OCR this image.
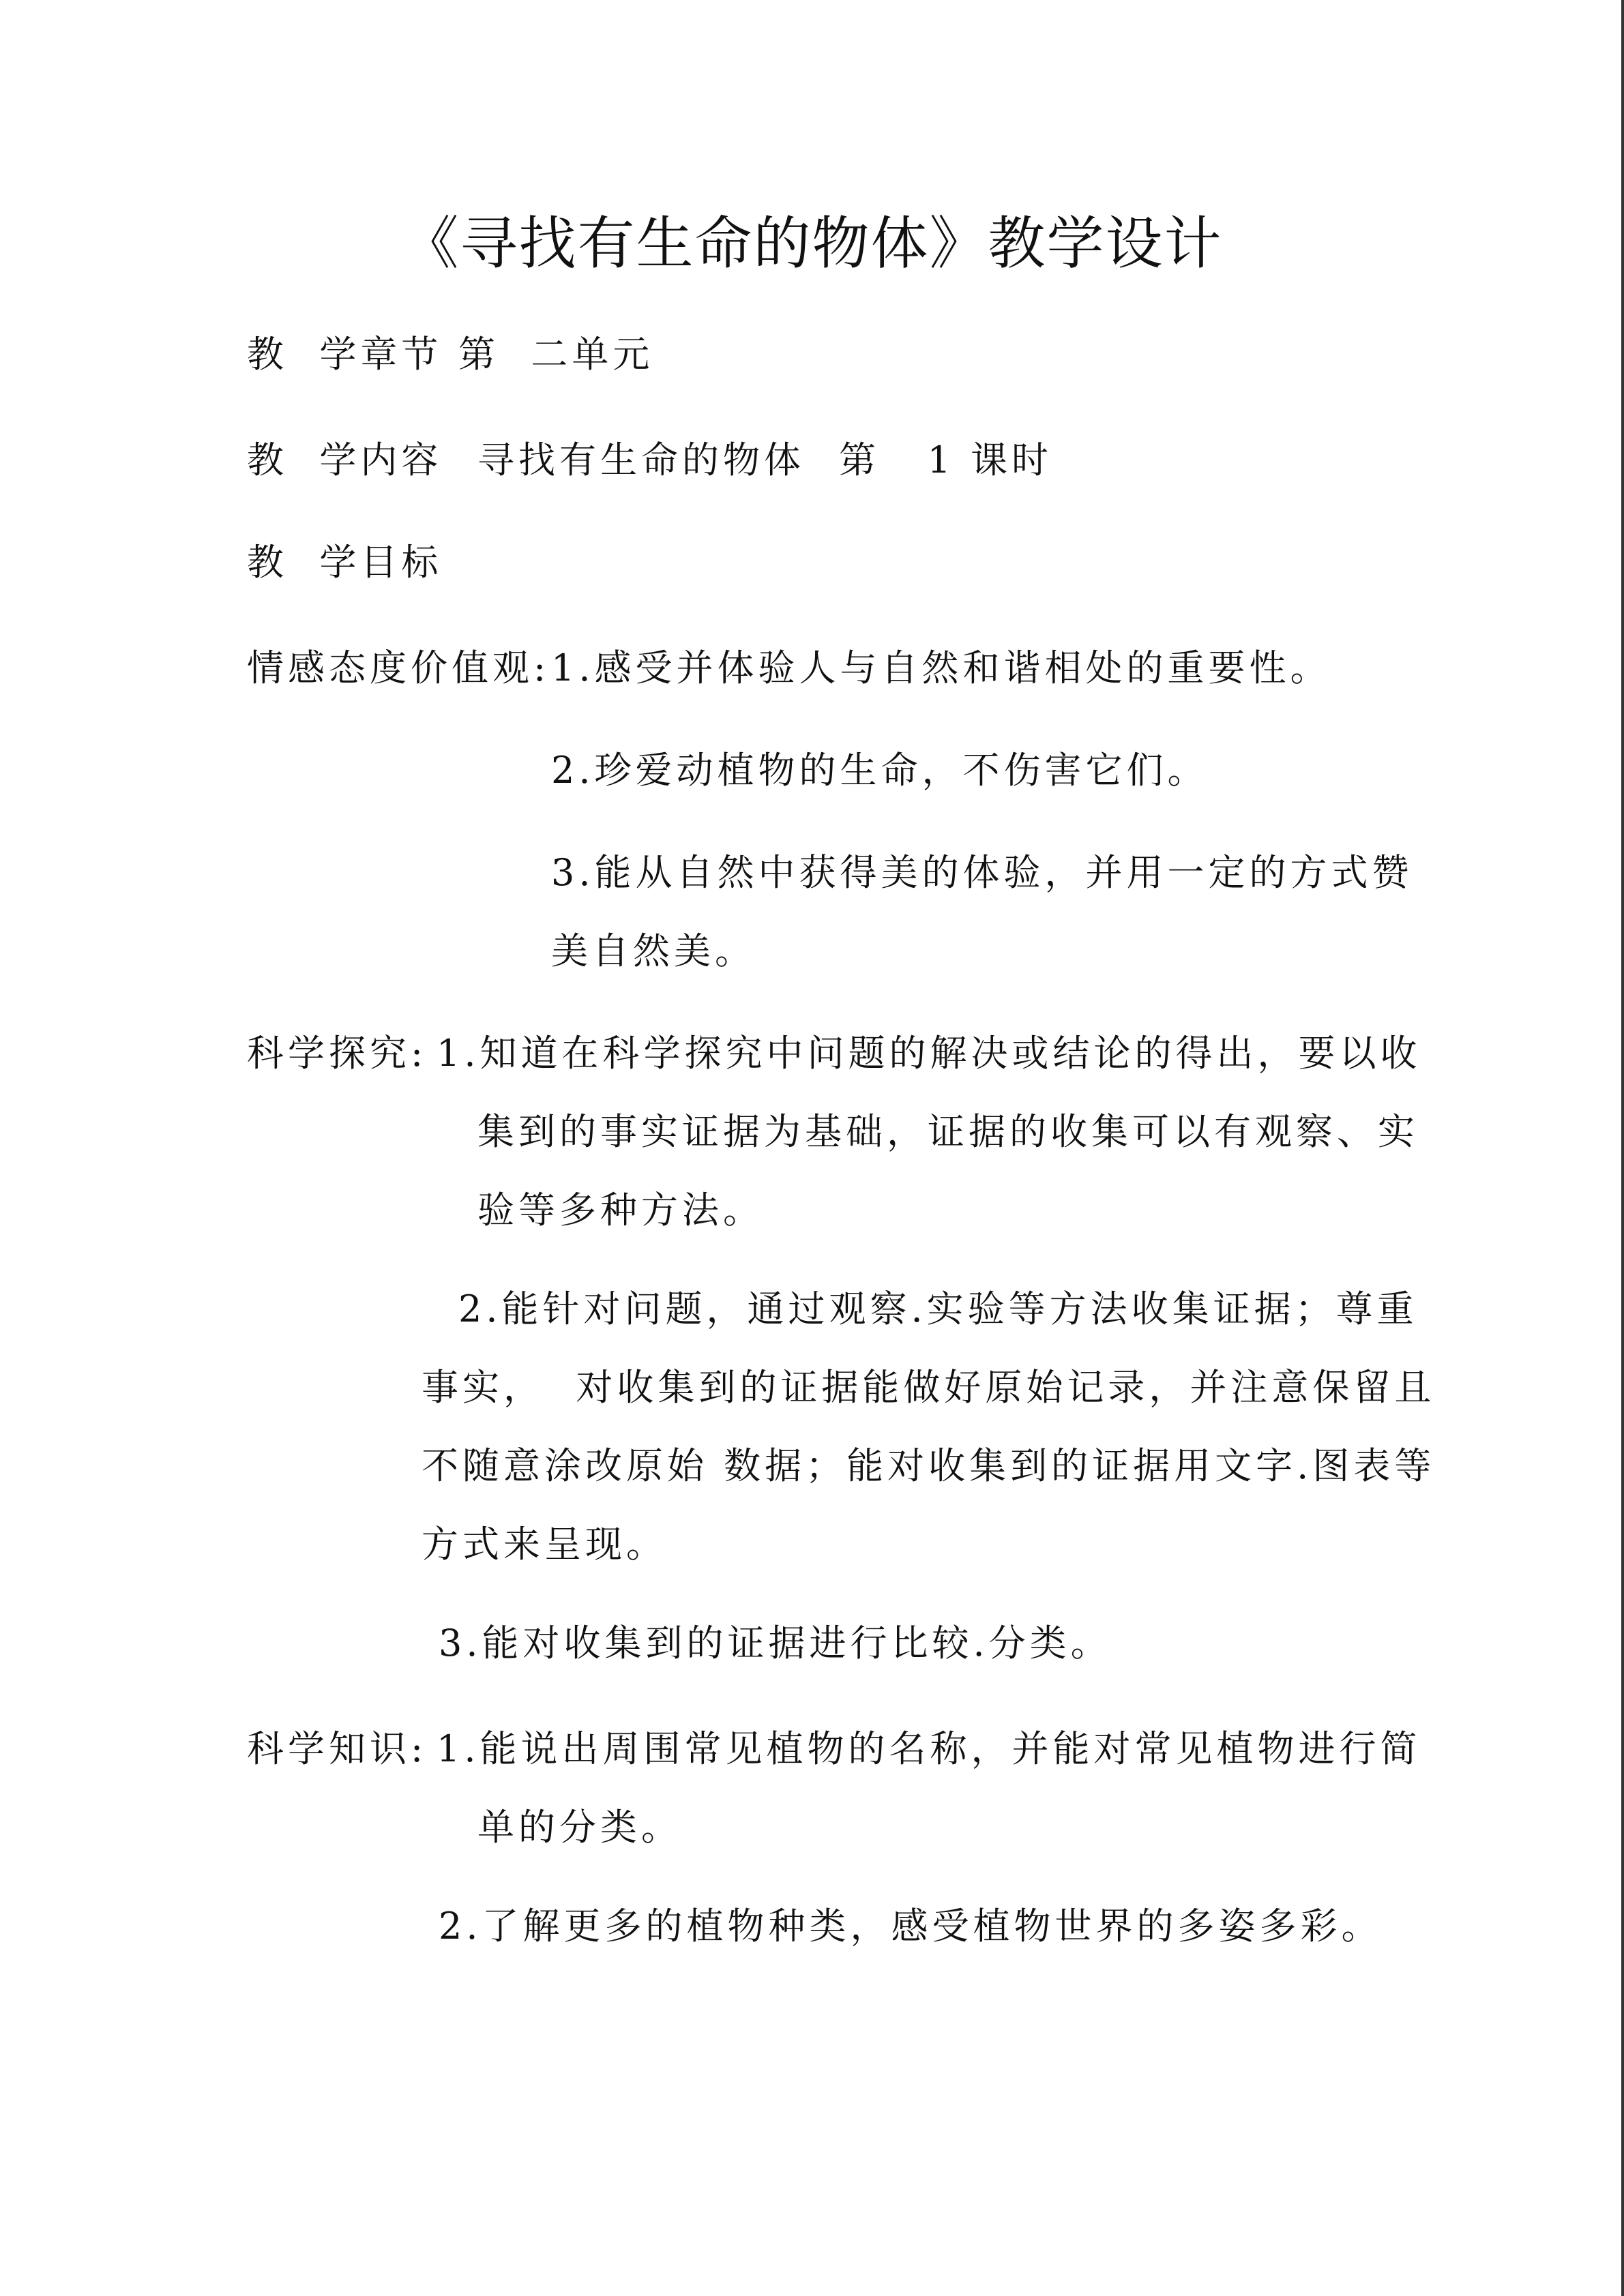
《寻找有生命的物体》教学设计
教  学章节 第  二单元
教  学内容 寻找有生命的物体 第   1 课时
教  学目标
情感态度价值观: 1.感受并体验人与自然和谐相处的重要性。
2.珍爱动植物的生命，不伤害它们。
3.能从自然中获得美的体验，并用一定的方式赞
美自然美。
科学探究: 1.知道在科学探究中问题的解决或结论的得出，要以收
集到的事实证据为基础，证据的收集可以有观察、实
验等多种方法。
2.能针对问题，通过观察.实验等方法收集证据；尊重
事实，  对收集到的证据能做好原始记录，并注意保留且
不随意涂改原始 数据；能对收集到的证据用文字.图表等
方式来呈现。
3.能对收集到的证据进行比较.分类。
科学知识: 1.能说出周围常见植物的名称，并能对常见植物进行简
单的分类。
2.了解更多的植物种类，感受植物世界的多姿多彩。
